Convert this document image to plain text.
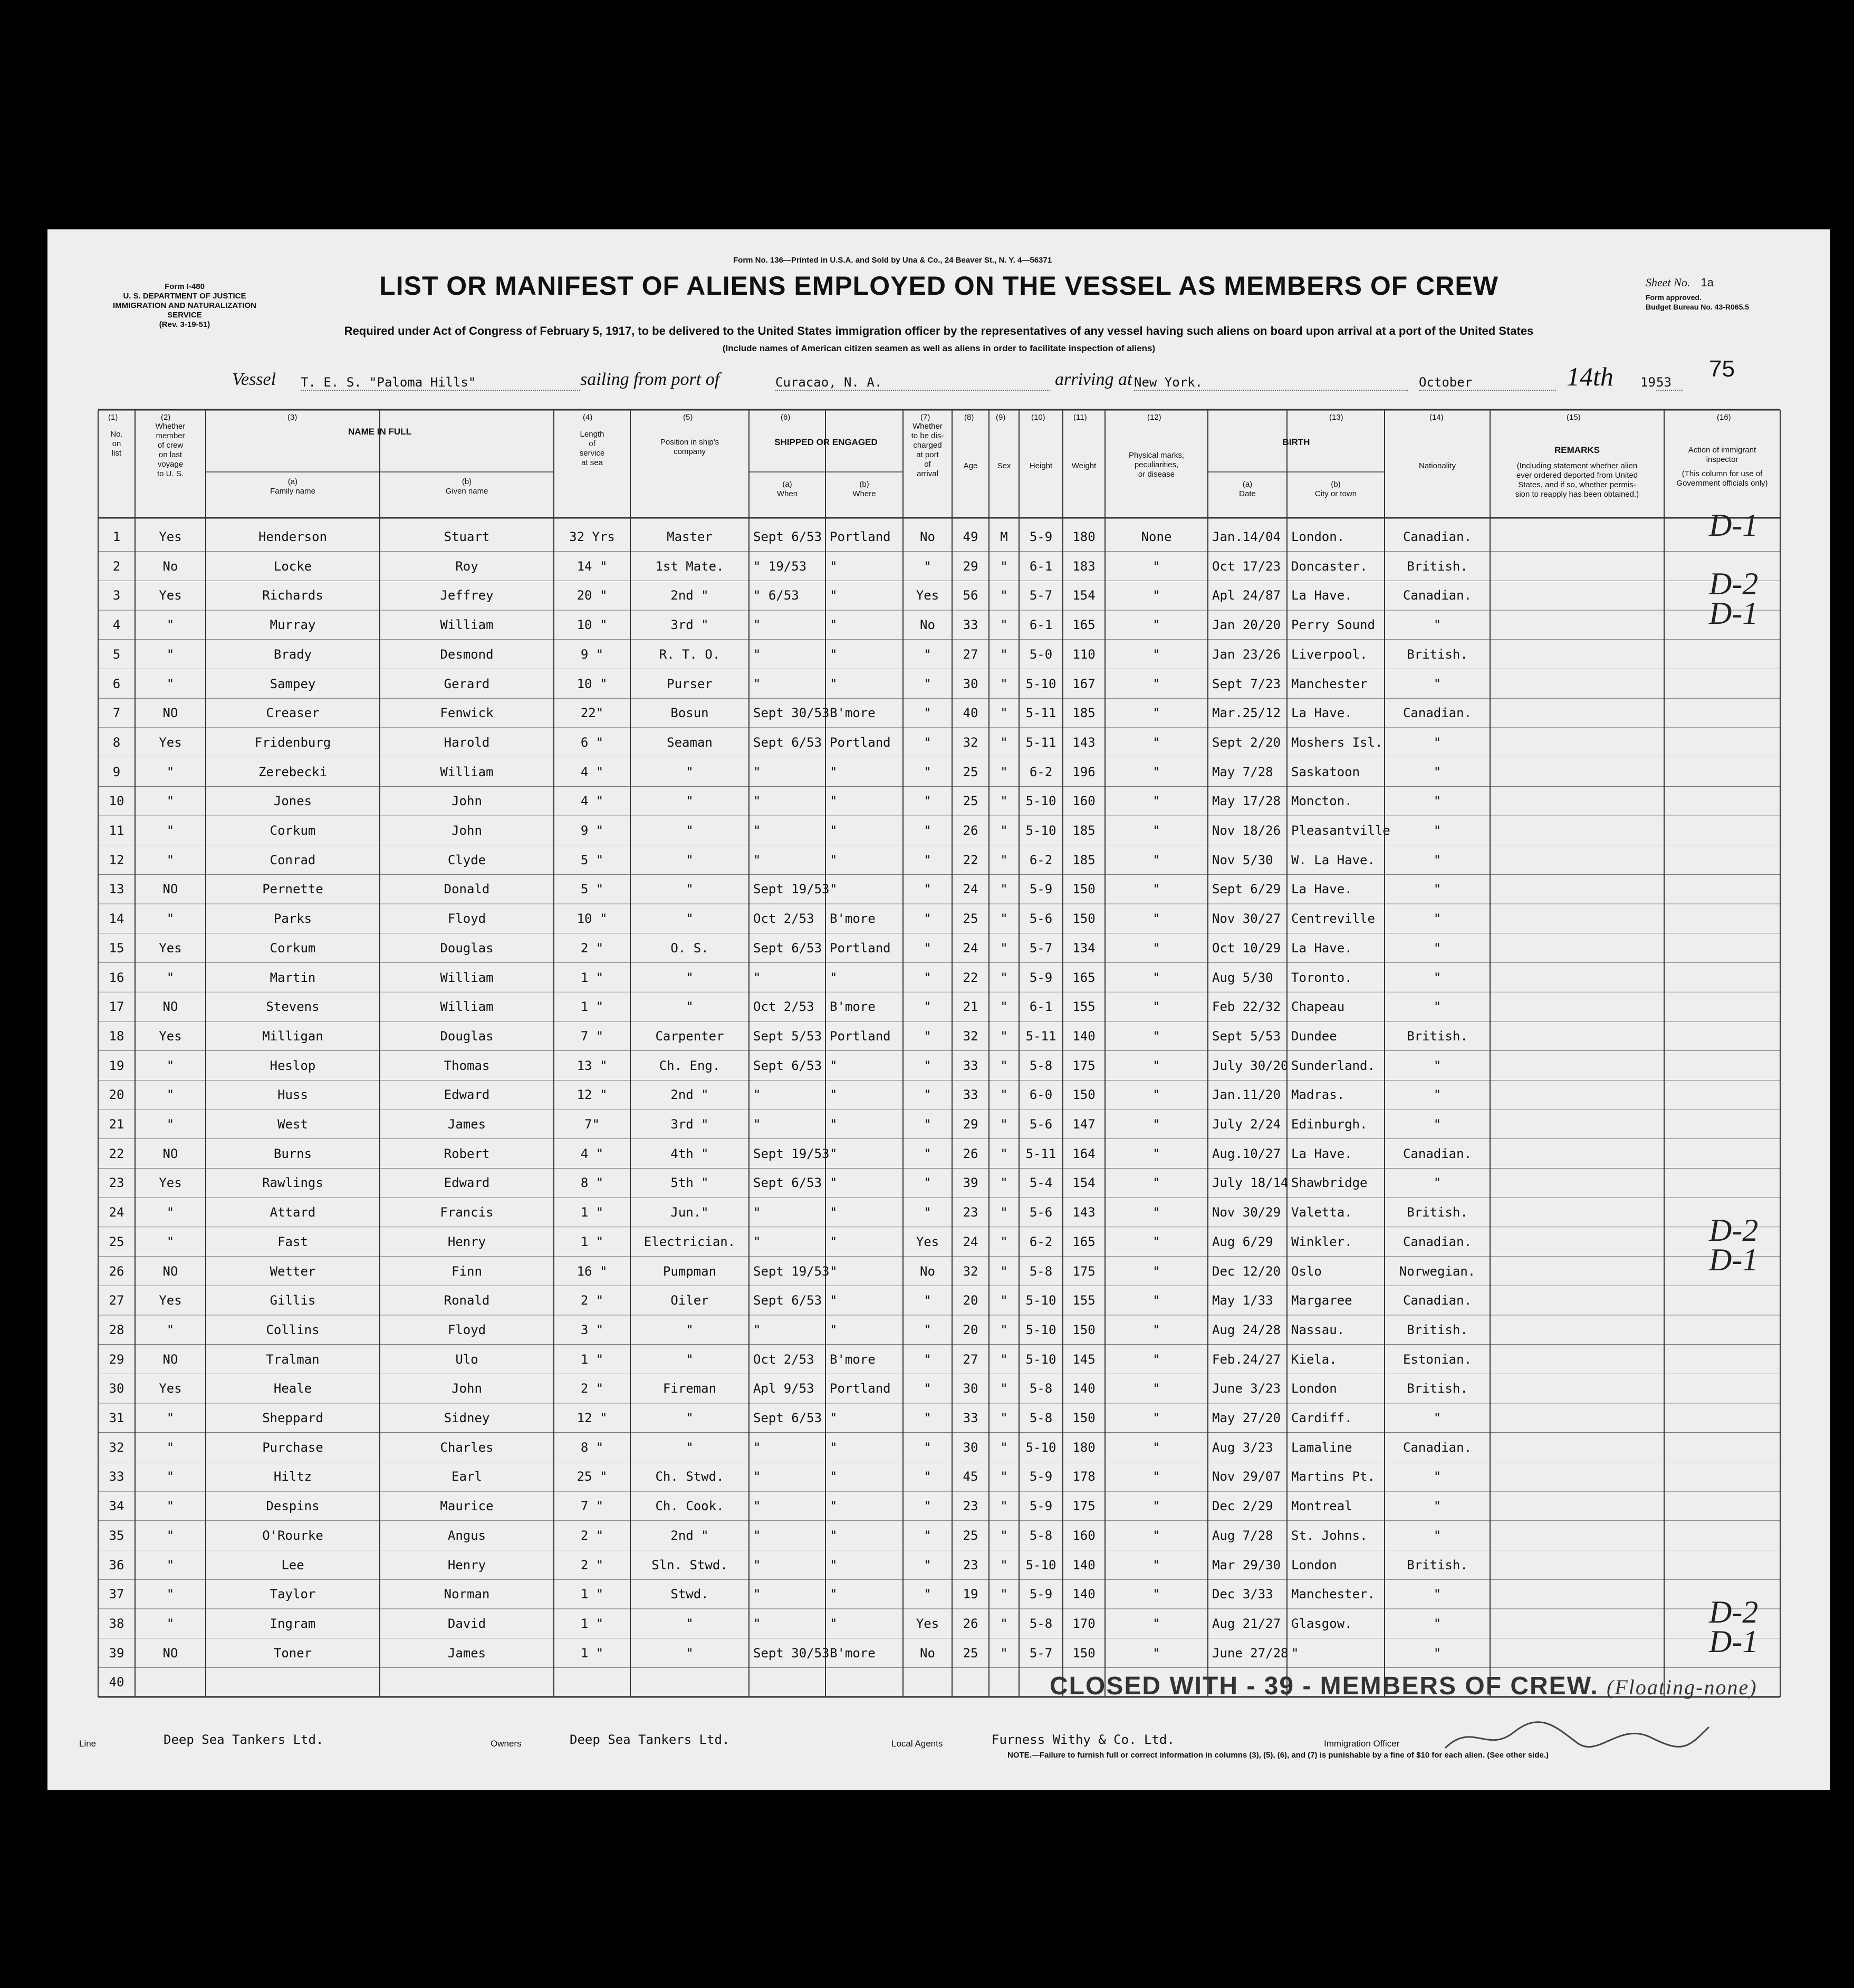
Form I-480
U. S. DEPARTMENT OF JUSTICE
IMMIGRATION AND NATURALIZATION SERVICE
(Rev. 3-19-51)
Form No. 136—Printed in U.S.A. and Sold by Una & Co., 24 Beaver St., N. Y. 4—56371
LIST OR MANIFEST OF ALIENS EMPLOYED ON THE VESSEL AS MEMBERS OF CREW	Sheet No. 1a
Form approved.
Budget Bureau No. 43-R065.5
Required under Act of Congress of February 5, 1917, to be delivered to the United States immigration officer by the representatives of any vessel having such aliens on board upon arrival at a port of the United States
(Include names of American citizen seamen as well as aliens in order to facilitate inspection of aliens)
75
Vessel T. E. S. "Paloma Hills"	sailing from port of	Curacao, N. A.	arriving at New York.	October	14th 19 53
No.
on
list
Whether
member
of crew
on last
voyage
to U. S.
NAME IN FULL
(a)
Family name
(b)
Given name
Length
of
service
at sea
Position in ship's
company
SHIPPED OR ENGAGED
(a)
When
(b)
Where
Whether
to be dis-
charged
at port
of
arrival
Age	Sex	Height	Weight
Physical marks,
peculiarities,
or disease
BIRTH
(a)
Date
(b)
City or town
Nationality
REMARKS
(Including statement whether alien
ever ordered deported from United
States, and if so, whether permis-
sion to reapply has been obtained.)
Action of immigrant
inspector
(This column for use of
Government officials only)
(1)	(2)	(3)	(4)	(5)	(6)	(7)	(8)	(9)	(10)	(11)	(12)	(13)	(14)	(15)	(16)
1	Yes	Henderson	Stuart	32 Yrs	Master	Sept 6/53 Portland	No	49	M	5-9	180	None	Jan.14/04 London.	Canadian.	D-1
2	No	Locke	Roy	14 "	1st Mate.	" 19/53 "	"	29	"	6-1	183	"	Oct 17/23 Doncaster.	British.
3	Yes	Richards	Jeffrey	20 "	2nd "	" 6/53 "	Yes	56	"	5-7	154	"	Apl 24/87 La Have.	Canadian.	D-2
4	"	Murray	William	10 "	3rd "	"	"	No	33	"	6-1	165	"	Jan 20/20 Perry Sound	"	D-1
5	"	Brady	Desmond	9 "	R. T. O.	"	"	"	27	"	5-0	110	"	Jan 23/26 Liverpool.	British.
6	"	Sampey	Gerard	10 "	Purser	"	"	"	30	"	5-10	167	"	Sept 7/23 Manchester	"
7	NO	Creaser	Fenwick	22"	Bosun	Sept 30/53 B'more	"	40	"	5-11	185	"	Mar.25/12 La Have.	Canadian.
8	Yes	Fridenburg	Harold	6 "	Seaman	Sept 6/53 Portland	"	32	"	5-11	143	"	Sept 2/20 Moshers Isl.	"
9	"	Zerebecki	William	4 "	"	"	"	"	25	"	6-2	196	"	May 7/28 Saskatoon	"
10	"	Jones	John	4 "	"	"	"	"	25	"	5-10	160	"	May 17/28 Moncton.	"
11	"	Corkum	John	9 "	"	"	"	"	26	"	5-10	185	"	Nov 18/26 Pleasantville	"
12	"	Conrad	Clyde	5 "	"	"	"	"	22	"	6-2	185	"	Nov 5/30 W. La Have.	"
13	NO	Pernette	Donald	5 "	"	Sept 19/53 "	"	24	"	5-9	150	"	Sept 6/29 La Have.	"
14	"	Parks	Floyd	10 "	"	Oct 2/53 B'more	"	25	"	5-6	150	"	Nov 30/27 Centreville	"
15	Yes	Corkum	Douglas	2 "	O. S.	Sept 6/53 Portland	"	24	"	5-7	134	"	Oct 10/29 La Have.	"
16	"	Martin	William	1 "	"	"	"	"	22	"	5-9	165	"	Aug 5/30 Toronto.	"
17	NO	Stevens	William	1 "	"	Oct 2/53 B'more	"	21	"	6-1	155	"	Feb 22/32 Chapeau	"
18	Yes	Milligan	Douglas	7 "	Carpenter	Sept 5/53 Portland	"	32	"	5-11	140	"	Sept 5/53 Dundee	British.
19	"	Heslop	Thomas	13 "	Ch. Eng.	Sept 6/53 "	"	33	"	5-8	175	"	July 30/20 Sunderland.	"
20	"	Huss	Edward	12 "	2nd "	"	"	"	33	"	6-0	150	"	Jan.11/20 Madras.	"
21	"	West	James	7"	3rd "	"	"	"	29	"	5-6	147	"	July 2/24 Edinburgh.	"
22	NO	Burns	Robert	4 "	4th "	Sept 19/53 "	"	26	"	5-11	164	"	Aug.10/27 La Have.	Canadian.
23	Yes	Rawlings	Edward	8 "	5th "	Sept 6/53 "	"	39	"	5-4	154	"	July 18/14 Shawbridge	"
24	"	Attard	Francis	1 "	Jun."	"	"	"	23	"	5-6	143	"	Nov 30/29 Valetta.	British.
25	"	Fast	Henry	1 "	Electrician.	"	"	Yes	24	"	6-2	165	"	Aug 6/29 Winkler.	Canadian.	D-2
26	NO	Wetter	Finn	16 "	Pumpman	Sept 19/53 "	No	32	"	5-8	175	"	Dec 12/20 Oslo	Norwegian.	D-1
27	Yes	Gillis	Ronald	2 "	Oiler	Sept 6/53 "	"	20	"	5-10	155	"	May 1/33 Margaree	Canadian.
28	"	Collins	Floyd	3 "	"	"	"	"	20	"	5-10	150	"	Aug 24/28 Nassau.	British.
29	NO	Tralman	Ulo	1 "	"	Oct 2/53 B'more	"	27	"	5-10	145	"	Feb.24/27 Kiela.	Estonian.
30	Yes	Heale	John	2 "	Fireman	Apl 9/53 Portland	"	30	"	5-8	140	"	June 3/23 London	British.
31	"	Sheppard	Sidney	12 "	"	Sept 6/53 "	"	33	"	5-8	150	"	May 27/20 Cardiff.	"
32	"	Purchase	Charles	8 "	"	"	"	"	30	"	5-10	180	"	Aug 3/23 Lamaline	Canadian.
33	"	Hiltz	Earl	25 "	Ch. Stwd.	"	"	"	45	"	5-9	178	"	Nov 29/07 Martins Pt.	"
34	"	Despins	Maurice	7 "	Ch. Cook.	"	"	"	23	"	5-9	175	"	Dec 2/29 Montreal	"
35	"	O'Rourke	Angus	2 "	2nd "	"	"	"	25	"	5-8	160	"	Aug 7/28 St. Johns.	"
36	"	Lee	Henry	2 "	Sln. Stwd.	"	"	"	23	"	5-10	140	"	Mar 29/30 London	British.
37	"	Taylor	Norman	1 "	Stwd.	"	"	"	19	"	5-9	140	"	Dec 3/33 Manchester.	"
38	"	Ingram	David	1 "	"	"	"	Yes	26	"	5-8	170	"	Aug 21/27 Glasgow.	"	D-2
39	NO	Toner	James	1 "	"	Sept 30/53 B'more	No	25	"	5-7	150	"	June 27/28 "	"	D-1
40	CLOSED WITH - 39 - MEMBERS OF CREW. (Floating-none)
Line	Deep Sea Tankers Ltd.	Owners	Deep Sea Tankers Ltd.	Local Agents	Furness Withy & Co. Ltd.	Immigration Officer
NOTE.—Failure to furnish full or correct information in columns (3), (5), (6), and (7) is punishable by a fine of $10 for each alien. (See other side.)
